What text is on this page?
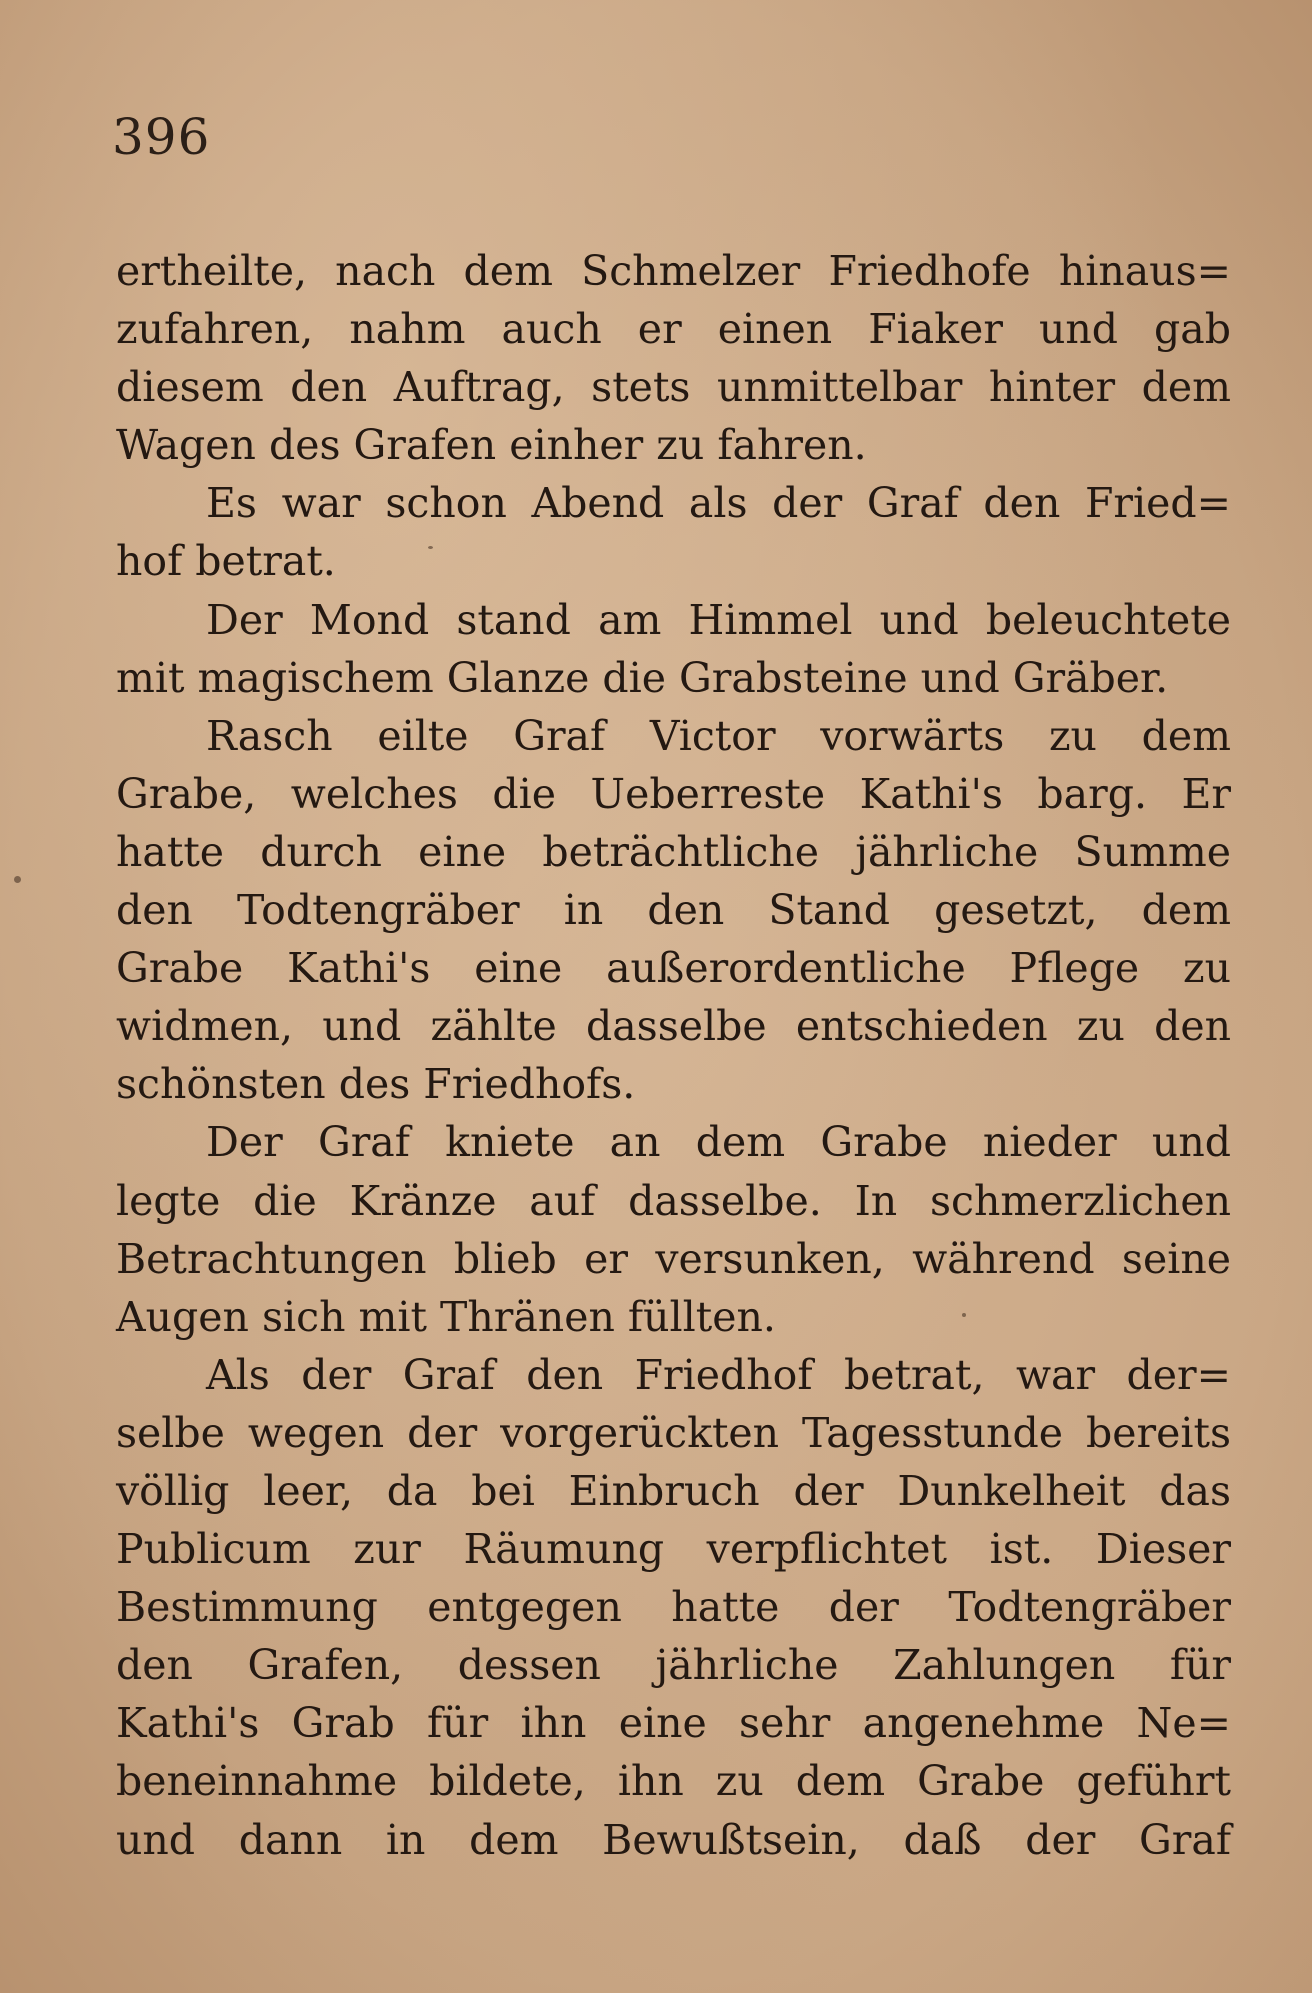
396
ertheilte, nach dem Schmelzer Friedhofe hinaus=
zufahren, nahm auch er einen Fiaker und gab
diesem den Auftrag, stets unmittelbar hinter dem
Wagen des Grafen einher zu fahren.
Es war schon Abend als der Graf den Fried=
hof betrat.
Der Mond stand am Himmel und beleuchtete
mit magischem Glanze die Grabsteine und Gräber.
Rasch eilte Graf Victor vorwärts zu dem
Grabe, welches die Ueberreste Kathi's barg. Er
hatte durch eine beträchtliche jährliche Summe
den Todtengräber in den Stand gesetzt, dem
Grabe Kathi's eine außerordentliche Pflege zu
widmen, und zählte dasselbe entschieden zu den
schönsten des Friedhofs.
Der Graf kniete an dem Grabe nieder und
legte die Kränze auf dasselbe. In schmerzlichen
Betrachtungen blieb er versunken, während seine
Augen sich mit Thränen füllten.
Als der Graf den Friedhof betrat, war der=
selbe wegen der vorgerückten Tagesstunde bereits
völlig leer, da bei Einbruch der Dunkelheit das
Publicum zur Räumung verpflichtet ist. Dieser
Bestimmung entgegen hatte der Todtengräber
den Grafen, dessen jährliche Zahlungen für
Kathi's Grab für ihn eine sehr angenehme Ne=
beneinnahme bildete, ihn zu dem Grabe geführt
und dann in dem Bewußtsein, daß der Graf
